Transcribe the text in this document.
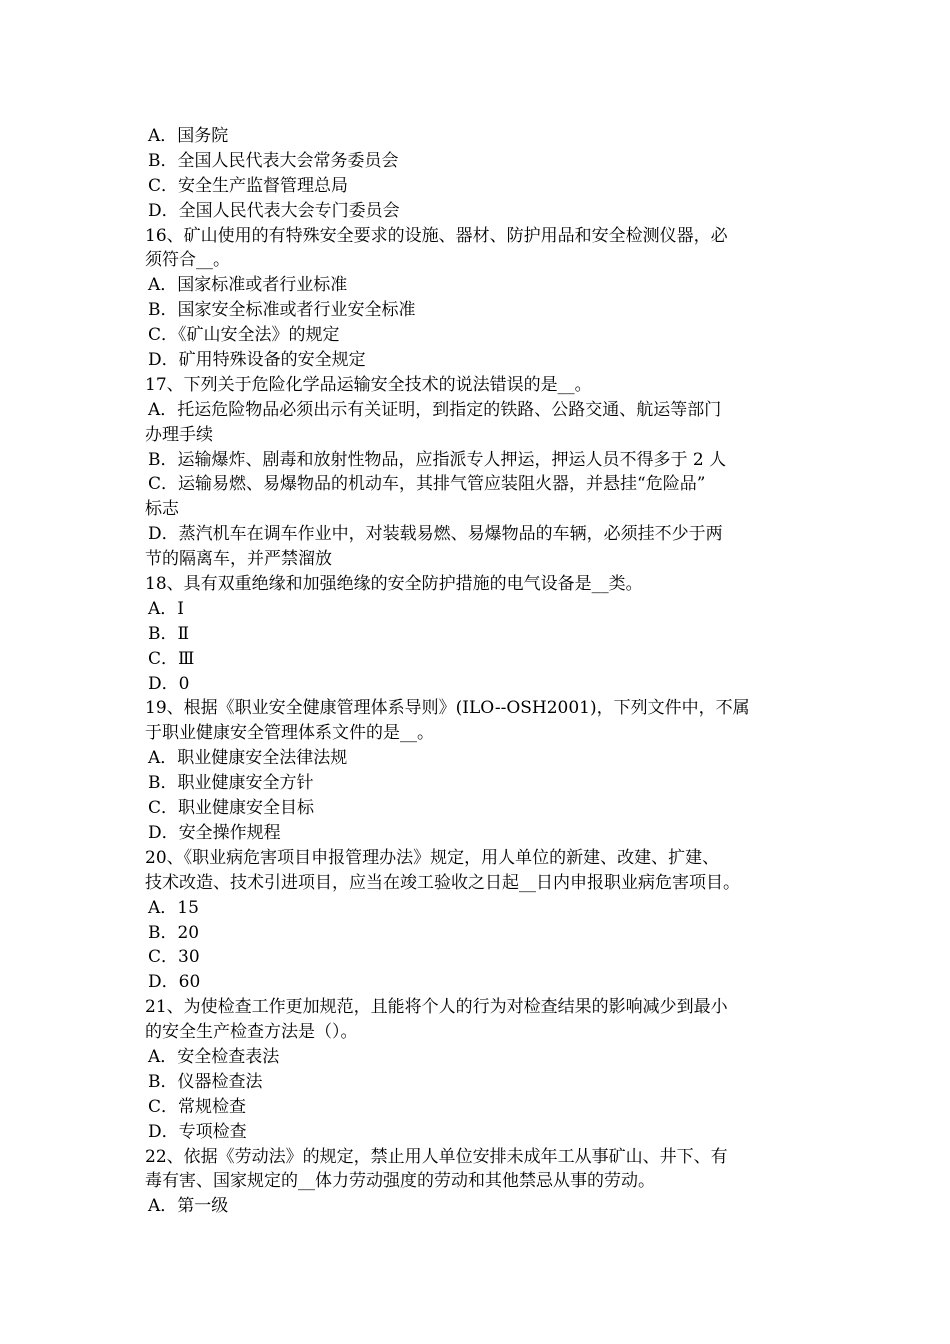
A．国务院
B．全国人民代表大会常务委员会
C．安全生产监督管理总局
D．全国人民代表大会专门委员会
16、矿山使用的有特殊安全要求的设施、器材、防护用品和安全检测仪器，必
须符合__。
A．国家标准或者行业标准
B．国家安全标准或者行业安全标准
C．《矿山安全法》的规定
D．矿用特殊设备的安全规定
17、下列关于危险化学品运输安全技术的说法错误的是__。
A．托运危险物品必须出示有关证明，到指定的铁路、公路交通、航运等部门
办理手续
B．运输爆炸、剧毒和放射性物品，应指派专人押运，押运人员不得多于 2 人
C．运输易燃、易爆物品的机动车，其排气管应装阻火器，并悬挂“危险品”
标志
D．蒸汽机车在调车作业中，对装载易燃、易爆物品的车辆，必须挂不少于两
节的隔离车，并严禁溜放
18、具有双重绝缘和加强绝缘的安全防护措施的电气设备是__类。
A．Ⅰ
B．Ⅱ
C．Ⅲ
D．0
19、根据《职业安全健康管理体系导则》(ILO--OSH2001)，下列文件中，不属
于职业健康安全管理体系文件的是__。
A．职业健康安全法律法规
B．职业健康安全方针
C．职业健康安全目标
D．安全操作规程
20、《职业病危害项目申报管理办法》规定，用人单位的新建、改建、扩建、
技术改造、技术引进项目，应当在竣工验收之日起__日内申报职业病危害项目。
A．15
B．20
C．30
D．60
21、为使检查工作更加规范，且能将个人的行为对检查结果的影响减少到最小
的安全生产检查方法是（）。
A．安全检查表法
B．仪器检查法
C．常规检查
D．专项检查
22、依据《劳动法》的规定，禁止用人单位安排未成年工从事矿山、井下、有
毒有害、国家规定的__体力劳动强度的劳动和其他禁忌从事的劳动。
A．第一级
